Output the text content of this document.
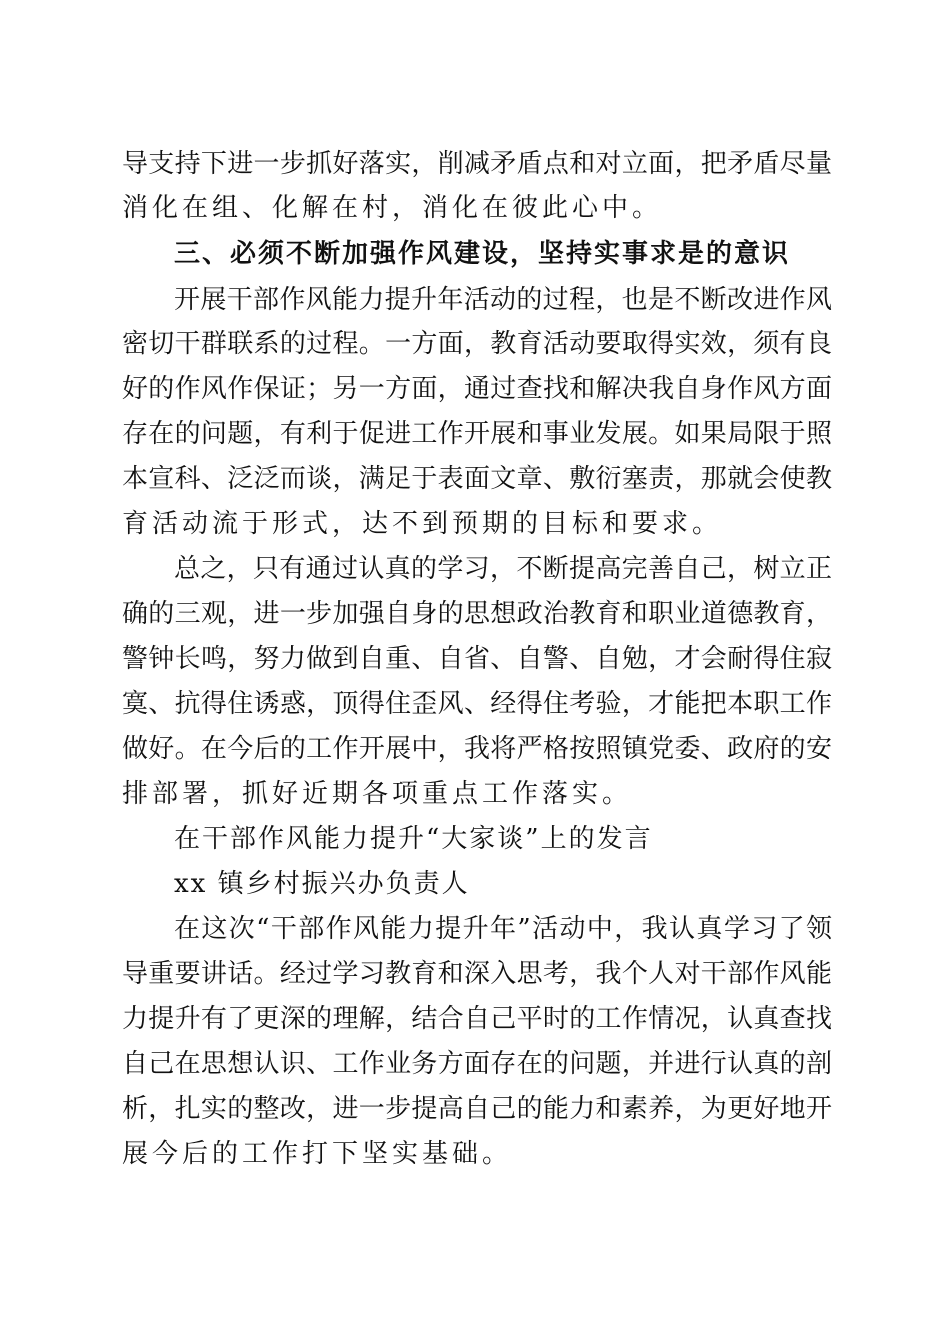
导支持下进一步抓好落实，削减矛盾点和对立面，把矛盾尽量
消化在组、化解在村，消化在彼此心中。
三、必须不断加强作风建设，坚持实事求是的意识
开展干部作风能力提升年活动的过程，也是不断改进作风
密切干群联系的过程。一方面，教育活动要取得实效，须有良
好的作风作保证；另一方面，通过查找和解决我自身作风方面
存在的问题，有利于促进工作开展和事业发展。如果局限于照
本宣科、泛泛而谈，满足于表面文章、敷衍塞责，那就会使教
育活动流于形式，达不到预期的目标和要求。
总之，只有通过认真的学习，不断提高完善自己，树立正
确的三观，进一步加强自身的思想政治教育和职业道德教育，
警钟长鸣，努力做到自重、自省、自警、自勉，才会耐得住寂
寞、抗得住诱惑，顶得住歪风、经得住考验，才能把本职工作
做好。在今后的工作开展中，我将严格按照镇党委、政府的安
排部署，抓好近期各项重点工作落实。
在干部作风能力提升“大家谈”上的发言
xx 镇乡村振兴办负责人
在这次“干部作风能力提升年”活动中，我认真学习了领
导重要讲话。经过学习教育和深入思考，我个人对干部作风能
力提升有了更深的理解，结合自己平时的工作情况，认真查找
自己在思想认识、工作业务方面存在的问题，并进行认真的剖
析，扎实的整改，进一步提高自己的能力和素养，为更好地开
展今后的工作打下坚实基础。
